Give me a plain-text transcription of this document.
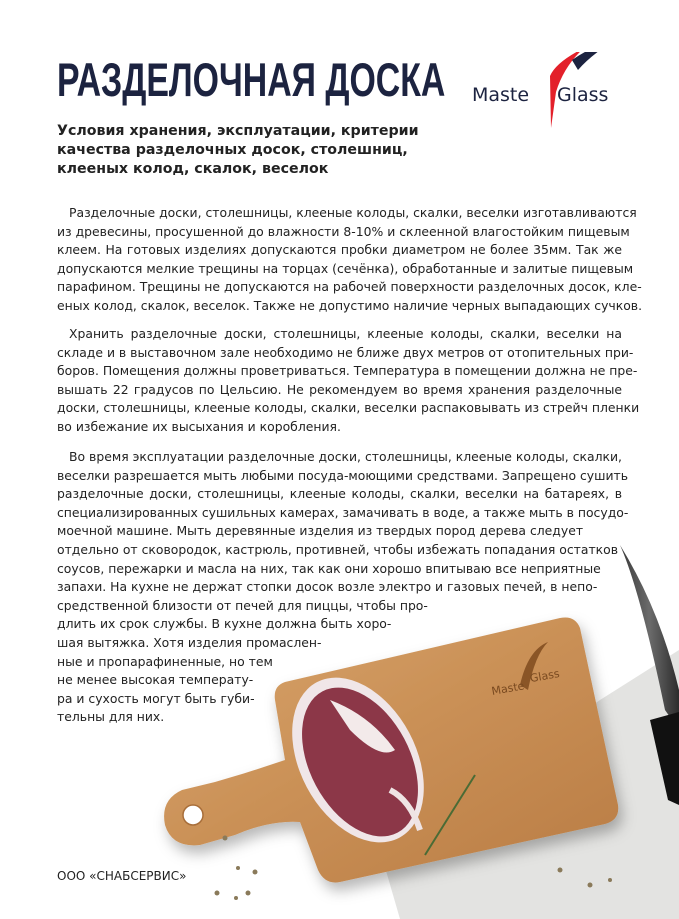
Maste
Glass
РАЗДЕЛОЧНАЯ ДОСКА Maste Glass
Условия хранения, эксплуатации, критерии
качества разделочных досок, столешниц,
клееных колод, скалок, веселок
Разделочные доски, столешницы, клееные колоды, скалки, веселки изготавливаются
из древесины, просушенной до влажности 8-10% и склеенной влагостойким пищевым
клеем. На готовых изделиях допускаются пробки диаметром не более 35мм. Так же
допускаются мелкие трещины на торцах (сечёнка), обработанные и залитые пищевым
парафином. Трещины не допускаются на рабочей поверхности разделочных досок, кле-
еных колод, скалок, веселок. Также не допустимо наличие черных выпадающих сучков.
Хранить разделочные доски, столешницы, клееные колоды, скалки, веселки на
складе и в выставочном зале необходимо не ближе двух метров от отопительных при-
боров. Помещения должны проветриваться. Температура в помещении должна не пре-
вышать 22 градусов по Цельсию. Не рекомендуем во время хранения разделочные
доски, столешницы, клееные колоды, скалки, веселки распаковывать из стрейч пленки
во избежание их высыхания и коробления.
Во время эксплуатации разделочные доски, столешницы, клееные колоды, скалки,
веселки разрешается мыть любыми посуда-моющими средствами. Запрещено сушить
разделочные доски, столешницы, клееные колоды, скалки, веселки на батареях, в
специализированных сушильных камерах, замачивать в воде, а также мыть в посудо-
моечной машине. Мыть деревянные изделия из твердых пород дерева следует
отдельно от сковородок, кастрюль, противней, чтобы избежать попадания остатков
соусов, пережарки и масла на них, так как они хорошо впитываю все неприятные
запахи. На кухне не держат стопки досок возле электро и газовых печей, в непо-
средственной близости от печей для пиццы, чтобы про-
длить их срок службы. В кухне должна быть хоро-
шая вытяжка. Хотя изделия промаслен-
ные и пропарафиненные, но тем
не менее высокая температу-
ра и сухость могут быть губи-
тельны для них.
ООО «СНАБСЕРВИС»
